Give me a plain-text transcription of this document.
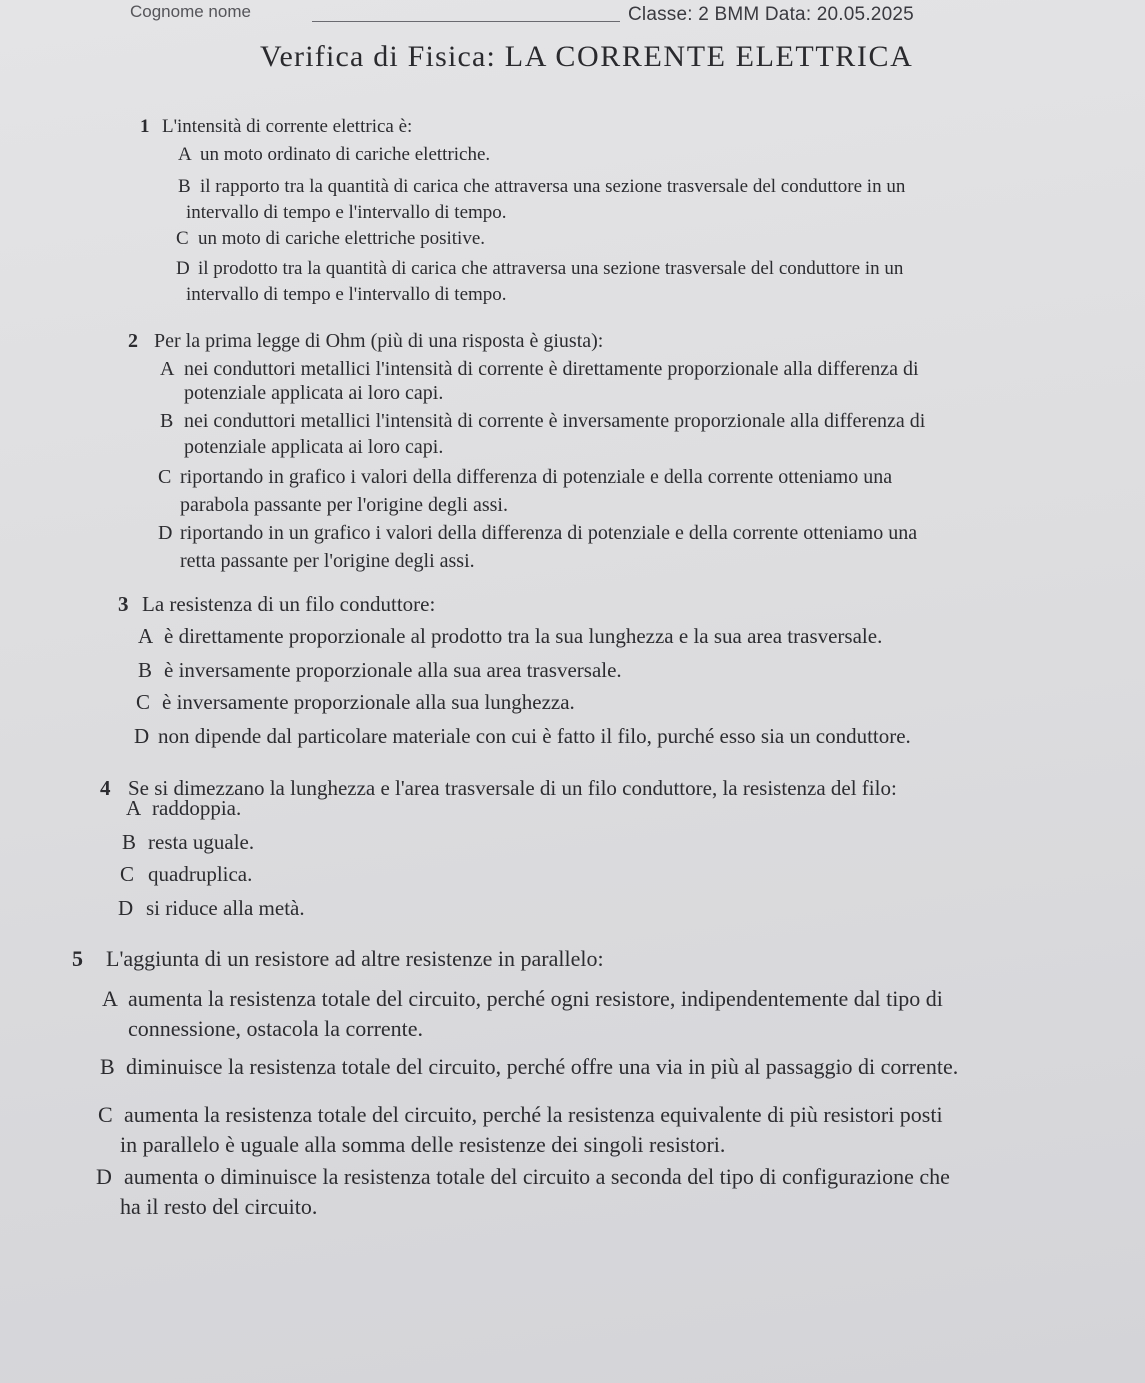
Cognome nome	Classe: 2 BMM Data: 20.05.2025
Verifica di Fisica: LA CORRENTE ELETTRICA
1 L'intensità di corrente elettrica è:
A un moto ordinato di cariche elettriche.
B il rapporto tra la quantità di carica che attraversa una sezione trasversale del conduttore in un
intervallo di tempo e l'intervallo di tempo.
C un moto di cariche elettriche positive.
D il prodotto tra la quantità di carica che attraversa una sezione trasversale del conduttore in un
intervallo di tempo e l'intervallo di tempo.
2 Per la prima legge di Ohm (più di una risposta è giusta):
A nei conduttori metallici l'intensità di corrente è direttamente proporzionale alla differenza di
potenziale applicata ai loro capi.
B nei conduttori metallici l'intensità di corrente è inversamente proporzionale alla differenza di
potenziale applicata ai loro capi.
C riportando in grafico i valori della differenza di potenziale e della corrente otteniamo una
parabola passante per l'origine degli assi.
D riportando in un grafico i valori della differenza di potenziale e della corrente otteniamo una
retta passante per l'origine degli assi.
3 La resistenza di un filo conduttore:
A è direttamente proporzionale al prodotto tra la sua lunghezza e la sua area trasversale.
B è inversamente proporzionale alla sua area trasversale.
C è inversamente proporzionale alla sua lunghezza.
D non dipende dal particolare materiale con cui è fatto il filo, purché esso sia un conduttore.
4 Se si dimezzano la lunghezza e l'area trasversale di un filo conduttore, la resistenza del filo:
A raddoppia.
B resta uguale.
C quadruplica.
D si riduce alla metà.
5 L'aggiunta di un resistore ad altre resistenze in parallelo:
A aumenta la resistenza totale del circuito, perché ogni resistore, indipendentemente dal tipo di
connessione, ostacola la corrente.
B diminuisce la resistenza totale del circuito, perché offre una via in più al passaggio di corrente.
C aumenta la resistenza totale del circuito, perché la resistenza equivalente di più resistori posti
in parallelo è uguale alla somma delle resistenze dei singoli resistori.
D aumenta o diminuisce la resistenza totale del circuito a seconda del tipo di configurazione che
ha il resto del circuito.
